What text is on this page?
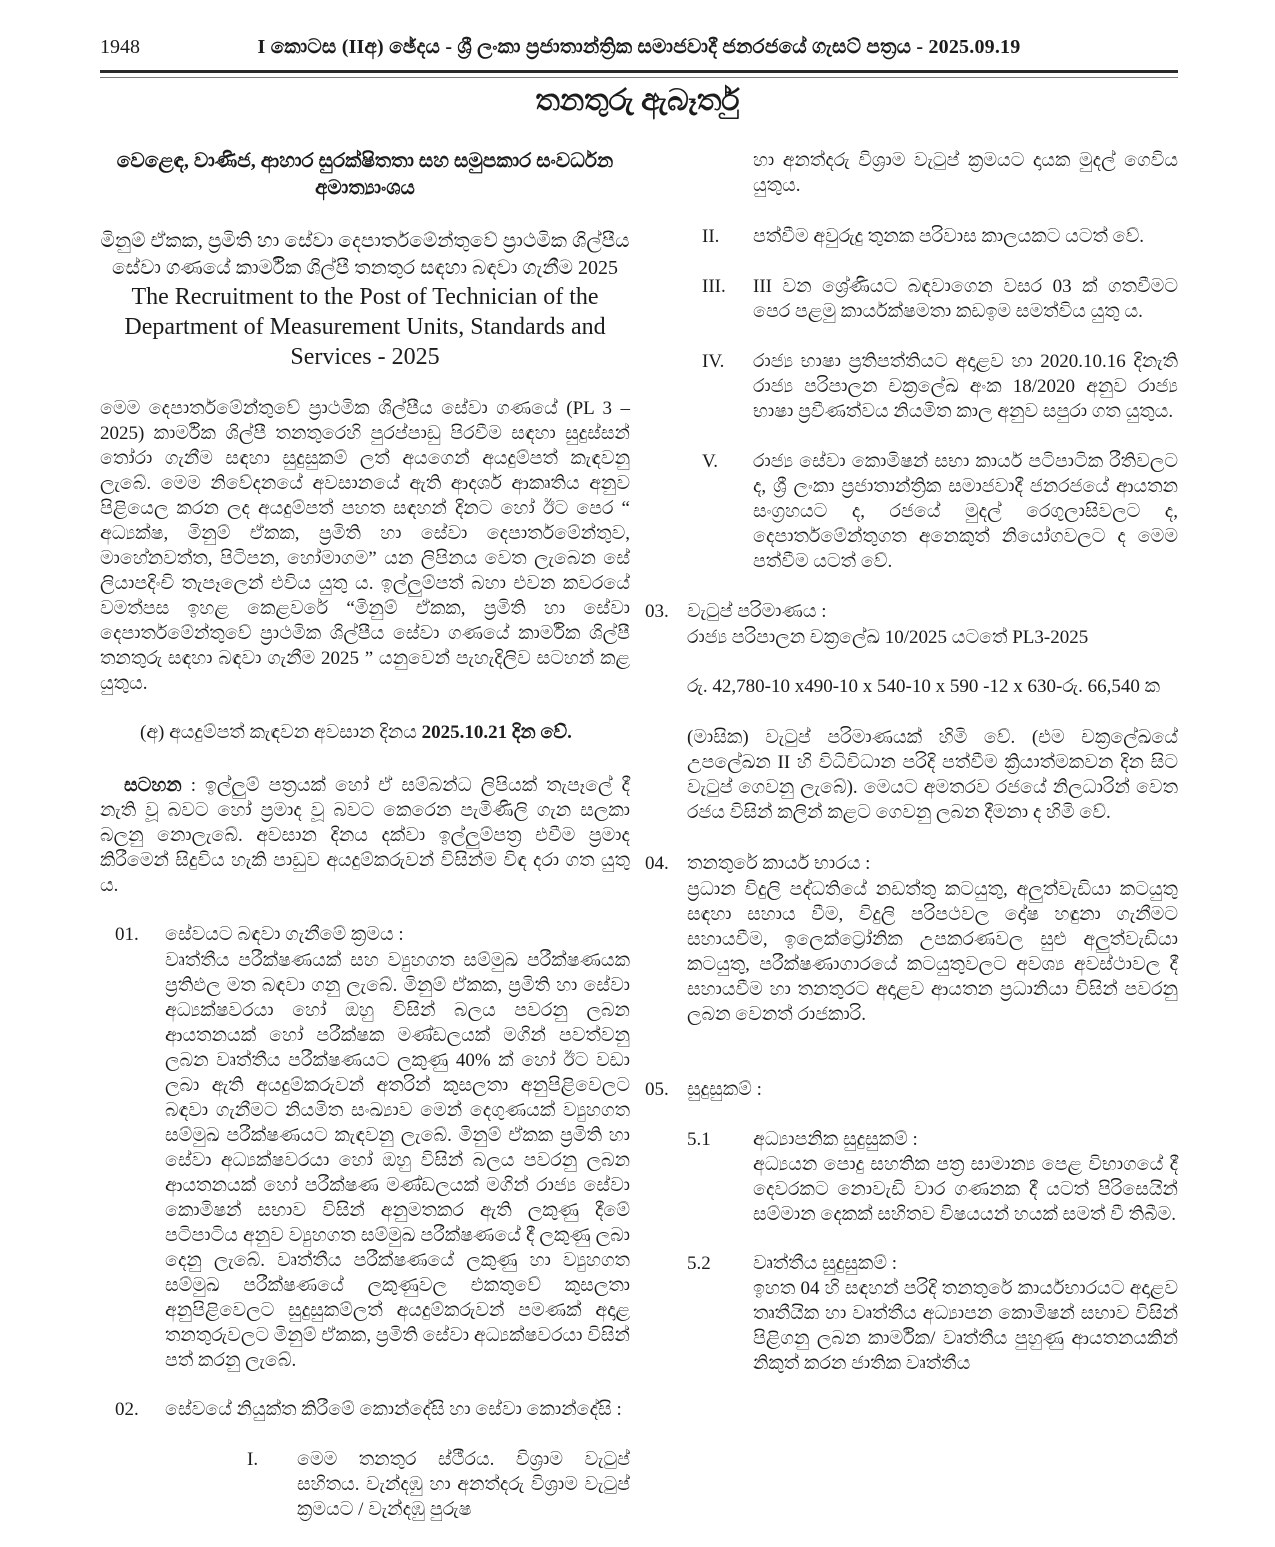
1948	I කොටස (IIඅ) ඡේදය - ශ්‍රී ලංකා ප්‍රජාතාන්ත්‍රික සමාජවාදී ජනරජයේ ගැසට් පත්‍රය - 2025.09.19
තනතුරු ඇබෑර්තු
වෙළෙඳ, වාණිජ, ආහාර සුරක්ෂිතතා සහ සමුපකාර සංවර්ධන අමාත්‍යාංශය
මිනුම් ඒකක, ප්‍රමිති හා සේවා දෙපාර්තමේන්තුවේ ප්‍රාථමික ශිල්පීය සේවා ගණයේ කාර්මික ශිල්පී තනතුර සඳහා බඳවා ගැනීම 2025
The Recruitment to the Post of Technician of the Department of Measurement Units, Standards and Services - 2025

මෙම දෙපාර්තමේන්තුවේ ප්‍රාථමික ශිල්පීය සේවා ගණයේ (PL 3 – 2025) කාර්මික ශිල්පී තනතුරෙහි පුරප්පාඩු පිරවීම සඳහා සුදුස්සන් තෝරා ගැනීම සඳහා සුදුසුකම් ලත් අයගෙන් අයදුම්පත් කැඳවනු ලැබේ. මෙම නිවේදනයේ අවසානයේ ඇති ආදර්ශ ආකෘතිය අනුව පිළියෙල කරන ලද අයදුම්පත් පහත සඳහන් දිනට හෝ ඊට පෙර “ අධ්‍යක්ෂ, මිනුම් ඒකක, ප්‍රමිති හා සේවා දෙපාර්තමේන්තුව, මාහේනවත්ත, පිටිපන, හෝමාගම” යන ලිපිනය වෙත ලැබෙන සේ ලියාපදිංචි තැපෑලෙන් එවිය යුතු ය. ඉල්ලුම්පත් බහා එවන කවරයේ වමත්පස ඉහළ කෙළවරේ “මිනුම් ඒකක, ප්‍රමිති හා සේවා දෙපාර්තමේන්තුවේ ප්‍රාථමික ශිල්පීය සේවා ගණයේ කාර්මික ශිල්පී තනතුරු සඳහා බඳවා ගැනීම 2025 ” යනුවෙන් පැහැදිලිව සටහන් කළ යුතුය.

(අ) අයදුම්පත් කැඳවන අවසාන දිනය 2025.10.21 දින වේ.

සටහන : ඉල්ලුම් පත්‍රයක් හෝ ඒ සම්බන්ධ ලිපියක් තැපෑලේ දී නැති වූ බවට හෝ ප්‍රමාද වූ බවට කෙරෙන පැමිණිලි ගැන සලකා බලනු නොලැබේ. අවසාන දිනය දක්වා ඉල්ලුම්පත්‍ර එවීම ප්‍රමාද කිරීමෙන් සිදුවිය හැකි පාඩුව අයදුම්කරුවන් විසින්ම විඳ දරා ගත යුතු ය.

01.	සේවයට බඳවා ගැනීමේ ක්‍රමය :

වෘත්තීය පරීක්ෂණයක් සහ ව්‍යුහගත සම්මුඛ පරීක්ෂණයක ප්‍රතිඵල මත බඳවා ගනු ලැබේ. මිනුම් ඒකක, ප්‍රමිති හා සේවා අධ්‍යක්ෂවරයා හෝ ඔහු විසින් බලය පවරනු ලබන ආයතනයක් හෝ පරීක්ෂක මණ්ඩලයක් මගින් පවත්වනු ලබන වෘත්තීය පරීක්ෂණයට ලකුණු 40% ක් හෝ ඊට වඩා ලබා ඇති අයදුම්කරුවන් අතරින් කුසලතා අනුපිළිවෙලට බඳවා ගැනීමට නියමිත සංඛ්‍යාව මෙන් දෙගුණයක් ව්‍යුහගත සම්මුඛ පරීක්ෂණයට කැඳවනු ලැබේ. මිනුම් ඒකක ප්‍රමිති හා සේවා අධ්‍යක්ෂවරයා හෝ ඔහු විසින් බලය පවරනු ලබන ආයතනයක් හෝ පරීක්ෂණ මණ්ඩලයක් මගින් රාජ්‍ය සේවා කොමිෂන් සභාව විසින් අනුමතකර ඇති ලකුණු දීමේ පටිපාටිය අනුව ව්‍යුහගත සම්මුඛ පරීක්ෂණයේ දී ලකුණු ලබා දෙනු ලැබේ. වෘත්තීය පරීක්ෂණයේ ලකුණු හා ව්‍යුහගත සම්මුඛ පරීක්ෂණයේ ලකුණුවල එකතුවේ කුසලතා අනුපිළිවෙලට සුදුසුකම්ලත් අයදුම්කරුවන් පමණක් අදාළ තනතුරුවලට මිනුම් ඒකක, ප්‍රමිති සේවා අධ්‍යක්ෂවරයා විසින් පත් කරනු ලැබේ.

02.	සේවයේ නියුක්ත කිරීමේ කොන්දේසි හා සේවා කොන්දේසි :
I.	මෙම තනතුර ස්ථීරය. විශ්‍රාම වැටුප් සහිතය. වැන්දඹු හා අනත්දරු විශ්‍රාම වැටුප් ක්‍රමයට / වැන්දඹු පුරුෂ

හා අනත්දරු විශ්‍රාම වැටුප් ක්‍රමයට දායක මුදල් ගෙවිය යුතුය.

II.	පත්වීම අවුරුදු තුනක පරිවාස කාලයකට යටත් වේ.

III.	III වන ශ්‍රේණියට බඳවාගෙන වසර 03 ක් ගතවීමට පෙර පළමු කාර්යක්ෂමතා කඩඉම සමත්විය යුතු ය.

IV.	රාජ්‍ය භාෂා ප්‍රතිපත්තියට අදාළව හා 2020.10.16 දිනැති රාජ්‍ය පරිපාලන චක්‍රලේඛ අංක 18/2020 අනුව රාජ්‍ය භාෂා ප්‍රවීණත්වය නියමිත කාල අනුව සපුරා ගත යුතුය.

V.	රාජ්‍ය සේවා කොමිෂන් සභා කාර්ය පටිපාටික රීතිවලට ද, ශ්‍රී ලංකා ප්‍රජාතාන්ත්‍රික සමාජවාදී ජනරජයේ ආයතන සංග්‍රහයට ද, රජයේ මුදල් රෙගුලාසිවලට ද, දෙපාර්තමේන්තුගත අනෙකුත් නියෝගවලට ද මෙම පත්වීම යටත් වේ.

03. වැටුප් පරිමාණය :

රාජ්‍ය පරිපාලන චක්‍රලේඛ 10/2025 යටතේ PL3-2025

රු. 42,780-10 x490-10 x 540-10 x 590 -12 x 630-රු. 66,540 ක

(මාසික) වැටුප් පරිමාණයක් හිමි වේ. (එම චක්‍රලේඛයේ උපලේඛන II හි විධිවිධාන පරිදි පත්වීම ක්‍රියාත්මකවන දින සිට වැටුප් ගෙවනු ලැබේ). මෙයට අමතරව රජයේ නිලධාරින් වෙත රජය විසින් කලින් කළට ගෙවනු ලබන දීමනා ද හිමි වේ.

04. තනතුරේ කාර්ය භාරය :

ප්‍රධාන විදුලි පද්ධතියේ නඩත්තු කටයුතු, අලුත්වැඩියා කටයුතු සඳහා සහාය වීම, විදුලි පරිපථවල දෝෂ හඳුනා ගැනීමට සහායවීම, ඉලෙක්ට්‍රෝනික උපකරණවල සුළු අලුත්වැඩියා කටයුතු, පරීක්ෂණාගාරයේ කටයුතුවලට අවශ්‍ය අවස්ථාවල දී සහායවීම හා තනතුරට අදාළව ආයතන ප්‍රධානියා විසින් පවරනු ලබන වෙනත් රාජකාරි.

05. සුදුසුකම් :
5.1	අධ්‍යාපනික සුදුසුකම් :

අධ්‍යයන පොදු සහතික පත්‍ර සාමාන්‍ය පෙළ විභාගයේ දී දෙවරකට නොවැඩි වාර ගණනක දී යටත් පිරිසෙයින් සම්මාන දෙකක් සහිතව විෂයයන් හයක් සමත් වී තිබීම.

5.2	වෘත්තීය සුදුසුකම් :

ඉහත 04 හි සඳහන් පරිදි තනතුරේ කාර්යභාරයට අදාළව තෘතීයික හා වෘත්තීය අධ්‍යාපන කොමිෂන් සභාව විසින් පිළිගනු ලබන කාර්මික/ වෘත්තීය පුහුණු ආයතනයකින් නිකුත් කරන ජාතික වෘත්තීය
